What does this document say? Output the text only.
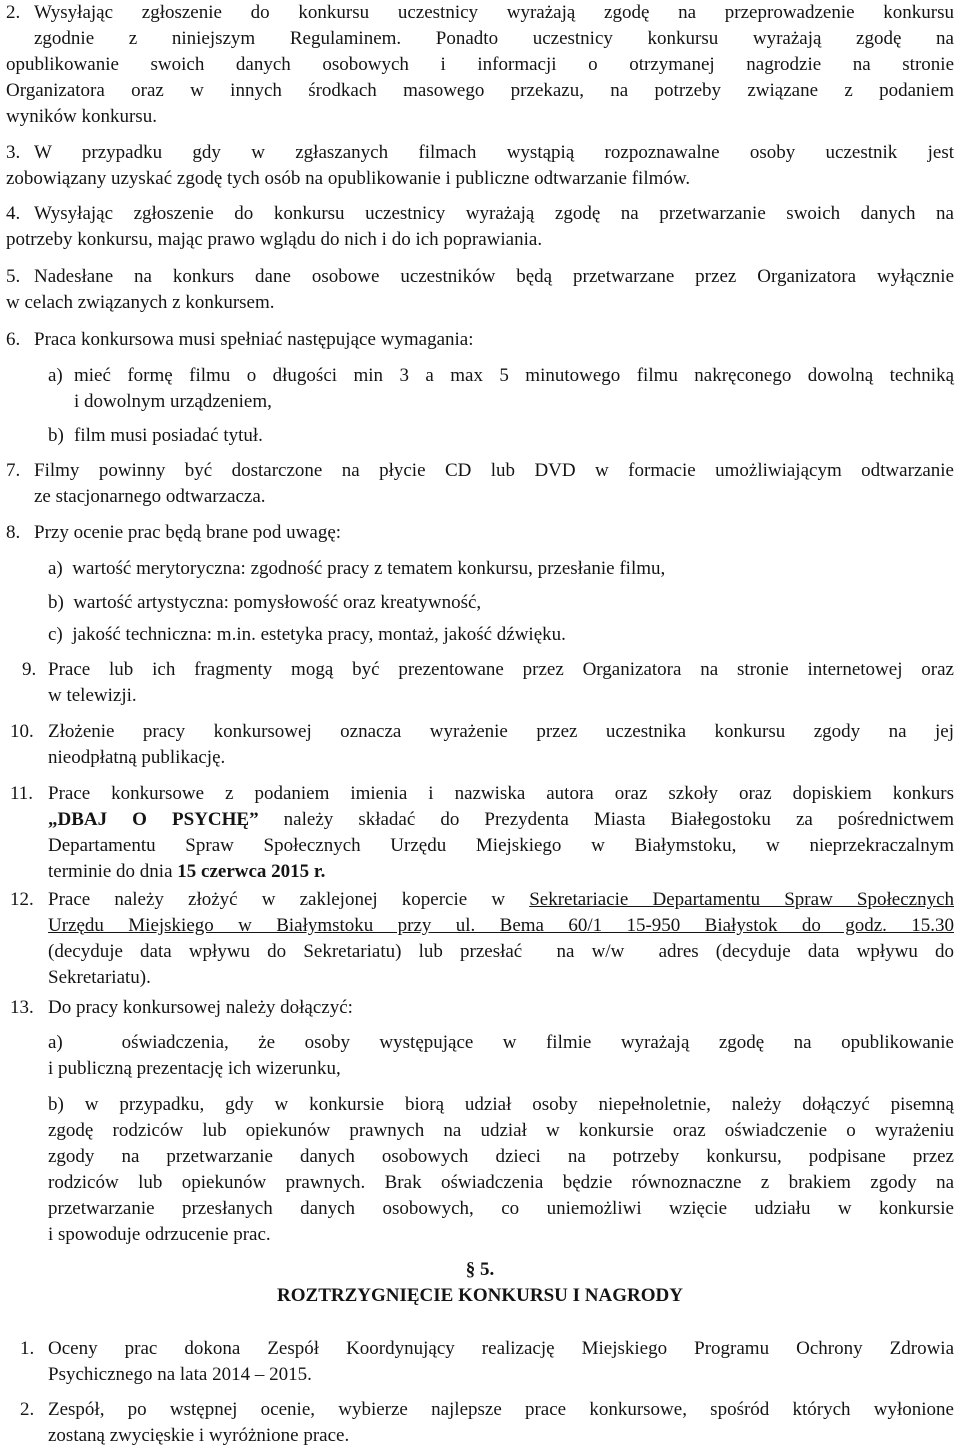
2. Wysyłając zgłoszenie do konkursu uczestnicy wyrażają zgodę na przeprowadzenie konkursu
zgodnie z niniejszym Regulaminem. Ponadto uczestnicy konkursu wyrażają zgodę na
opublikowanie swoich danych osobowych i informacji o otrzymanej nagrodzie na stronie
Organizatora oraz w innych środkach masowego przekazu, na potrzeby związane z podaniem
wyników konkursu.
3. W przypadku gdy w zgłaszanych filmach wystąpią rozpoznawalne osoby uczestnik jest
zobowiązany uzyskać zgodę tych osób na opublikowanie i publiczne odtwarzanie filmów.
4. Wysyłając zgłoszenie do konkursu uczestnicy wyrażają zgodę na przetwarzanie swoich danych na
potrzeby konkursu, mając prawo wglądu do nich i do ich poprawiania.
5. Nadesłane na konkurs dane osobowe uczestników będą przetwarzane przez Organizatora wyłącznie
w celach związanych z konkursem.
6. Praca konkursowa musi spełniać następujące wymagania:
a) mieć formę filmu o długości min 3 a max 5 minutowego filmu nakręconego dowolną techniką
i dowolnym urządzeniem,
b) film musi posiadać tytuł.
7. Filmy powinny być dostarczone na płycie CD lub DVD w formacie umożliwiającym odtwarzanie
ze stacjonarnego odtwarzacza.
8. Przy ocenie prac będą brane pod uwagę:
a)  wartość merytoryczna: zgodność pracy z tematem konkursu, przesłanie filmu,
b)  wartość artystyczna: pomysłowość oraz kreatywność,
c)  jakość techniczna: m.in. estetyka pracy, montaż, jakość dźwięku.
9. Prace lub ich fragmenty mogą być prezentowane przez Organizatora na stronie internetowej oraz
w telewizji.
10. Złożenie pracy konkursowej oznacza wyrażenie przez uczestnika konkursu zgody na jej
nieodpłatną publikację.
11. Prace konkursowe z podaniem imienia i nazwiska autora oraz szkoły oraz dopiskiem konkurs
„DBAJ O PSYCHĘ” należy składać do Prezydenta Miasta Białegostoku za pośrednictwem
Departamentu Spraw Społecznych Urzędu Miejskiego w Białymstoku, w nieprzekraczalnym
terminie do dnia 15 czerwca 2015 r.
12. Prace należy złożyć w zaklejonej kopercie w Sekretariacie Departamentu Spraw Społecznych
Urzędu Miejskiego w Białymstoku przy ul. Bema 60/1 15-950 Białystok do godz. 15.30
(decyduje data wpływu do Sekretariatu) lub przesłać  na w/w  adres (decyduje data wpływu do
Sekretariatu).
13. Do pracy konkursowej należy dołączyć:
a)  oświadczenia, że osoby występujące w filmie wyrażają zgodę na opublikowanie
i publiczną prezentację ich wizerunku,
b) w przypadku, gdy w konkursie biorą udział osoby niepełnoletnie, należy dołączyć pisemną
zgodę rodziców lub opiekunów prawnych na udział w konkursie oraz oświadczenie o wyrażeniu
zgody na przetwarzanie danych osobowych dzieci na potrzeby konkursu, podpisane przez
rodziców lub opiekunów prawnych. Brak oświadczenia będzie równoznaczne z brakiem zgody na
przetwarzanie przesłanych danych osobowych, co uniemożliwi wzięcie udziału w konkursie
i spowoduje odrzucenie prac.
§ 5.
ROZTRZYGNIĘCIE KONKURSU I NAGRODY
1. Oceny prac dokona Zespół Koordynujący realizację Miejskiego Programu Ochrony Zdrowia
Psychicznego na lata 2014 – 2015.
2. Zespół, po wstępnej ocenie, wybierze najlepsze prace konkursowe, spośród których wyłonione
zostaną zwycięskie i wyróżnione prace.
